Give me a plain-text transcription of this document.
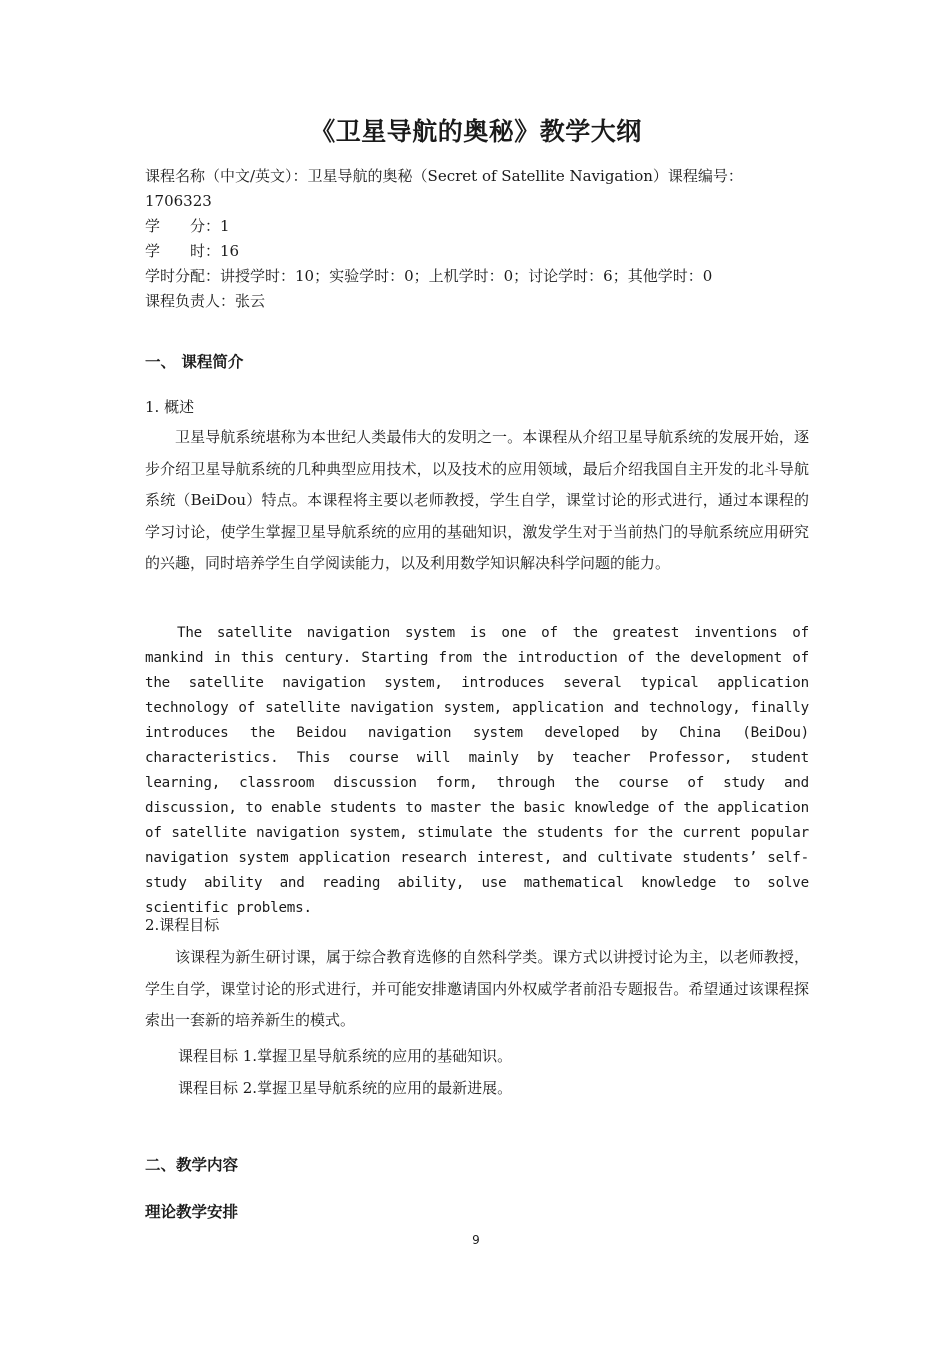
《卫星导航的奥秘》教学大纲
课程名称（中文/英文）：卫星导航的奥秘（Secret of Satellite Navigation）课程编号：
1706323
学　　分：1
学　　时：16
学时分配：讲授学时：10；实验学时：0；上机学时：0；讨论学时：6；其他学时：0
课程负责人：张云
一、 课程简介
1. 概述
卫星导航系统堪称为本世纪人类最伟大的发明之一。本课程从介绍卫星导航系统的发展开始，逐步介绍卫星导航系统的几种典型应用技术，以及技术的应用领域，最后介绍我国自主开发的北斗导航系统（BeiDou）特点。本课程将主要以老师教授，学生自学，课堂讨论的形式进行，通过本课程的学习讨论，使学生掌握卫星导航系统的应用的基础知识，激发学生对于当前热门的导航系统应用研究的兴趣，同时培养学生自学阅读能力，以及利用数学知识解决科学问题的能力。
The satellite navigation system is one of the greatest inventions of mankind in this century. Starting from the introduction of the development of the satellite navigation system, introduces several typical application technology of satellite navigation system, application and technology, finally introduces the Beidou navigation system developed by China (BeiDou) characteristics. This course will mainly by teacher Professor, student learning, classroom discussion form, through the course of study and discussion, to enable students to master the basic knowledge of the application of satellite navigation system, stimulate the students for the current popular navigation system application research interest, and cultivate students’ self-study ability and reading ability, use mathematical knowledge to solve scientific problems.
2.课程目标
该课程为新生研讨课，属于综合教育选修的自然科学类。课方式以讲授讨论为主，以老师教授，学生自学，课堂讨论的形式进行，并可能安排邀请国内外权威学者前沿专题报告。希望通过该课程探索出一套新的培养新生的模式。
课程目标 1.掌握卫星导航系统的应用的基础知识。
课程目标 2.掌握卫星导航系统的应用的最新进展。
二、教学内容
理论教学安排
9
